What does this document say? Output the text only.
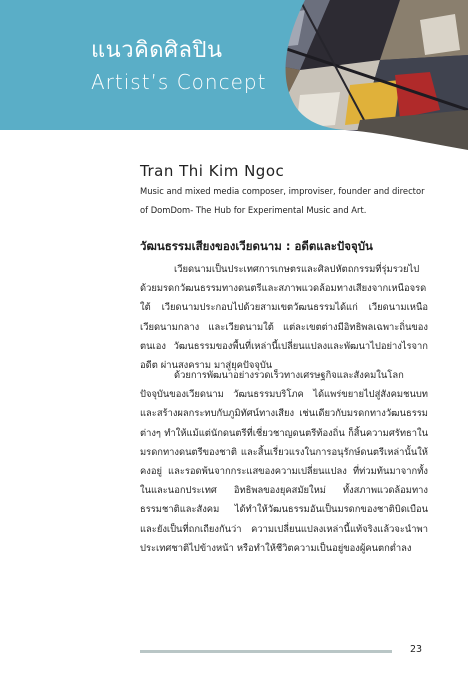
แนวคิดศิลปิน
Artist’s Concept
Tran Thi Kim Ngoc
Music and mixed media composer, improviser, founder and director of DomDom- The Hub for Experimental Music and Art.
วัฒนธรรมเสียงของเวียดนาม : อดีตและปัจจุบัน

เวียดนามเป็นประเทศการเกษตรและศิลปหัตถกรรมที่รุ่มรวยไปด้วยมรดกวัฒนธรรมทางดนตรีและสภาพแวดล้อมทางเสียงจากเหนือจรดใต้ เวียดนามประกอบไปด้วยสามเขตวัฒนธรรมได้แก่ เวียดนามเหนือ เวียดนามกลาง และเวียดนามใต้ แต่ละเขตต่างมีอิทธิพลเฉพาะถิ่นของตนเอง วัฒนธรรมของพื้นที่เหล่านี้เปลี่ยนแปลงและพัฒนาไปอย่างไรจากอดีต ผ่านสงคราม มาสู่ยุคปัจจุบัน

ด้วยการพัฒนาอย่างรวดเร็วทางเศรษฐกิจและสังคมในโลกปัจจุบันของเวียดนาม วัฒนธรรมบริโภค ได้แพร่ขยายไปสู่สังคมชนบท และสร้างผลกระทบกับภูมิทัศน์ทางเสียง เช่นเดียวกับมรดกทางวัฒนธรรมต่างๆ ทำให้แม้แต่นักดนตรีที่เชี่ยวชาญดนตรีท้องถิ่น ก็สิ้นความศรัทธาในมรดกทางดนตรีของชาติ และสิ้นเรี่ยวแรงในการอนุรักษ์ดนตรีเหล่านั้นให้คงอยู่ และรอดพ้นจากกระแสของความเปลี่ยนแปลง ที่ท่วมท้นมาจากทั้งในและนอกประเทศ อิทธิพลของยุคสมัยใหม่ ทั้งสภาพแวดล้อมทางธรรมชาติและสังคม ได้ทำให้วัฒนธรรมอันเป็นมรดกของชาติบิดเบือน และยังเป็นที่ถกเถียงกันว่า ความเปลี่ยนแปลงเหล่านี้แท้จริงแล้วจะนำพาประเทศชาติไปข้างหน้า หรือทำให้ชีวิตความเป็นอยู่ของผู้คนตกต่ำลง

23
